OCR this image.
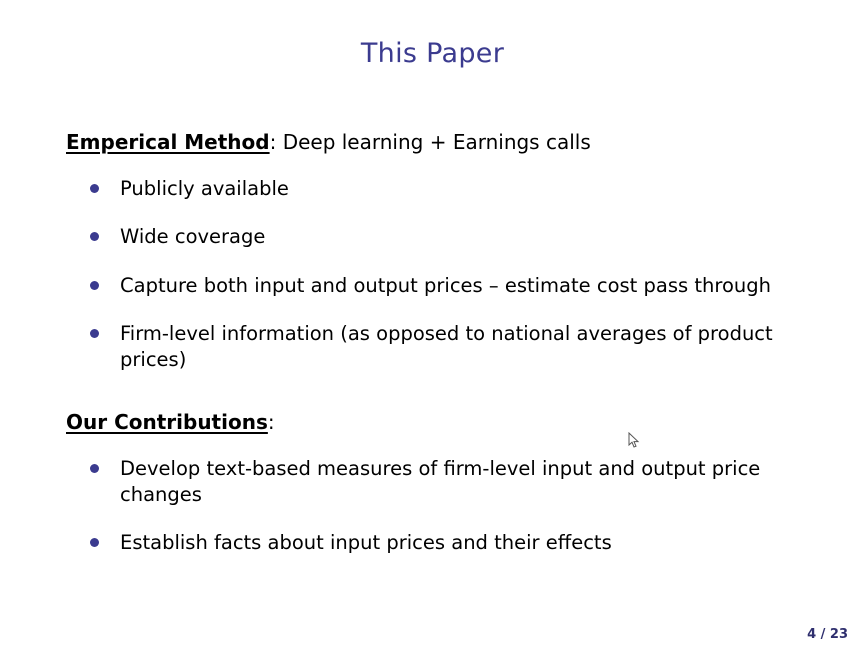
This Paper
Emperical Method: Deep learning + Earnings calls
Publicly available
Wide coverage
Capture both input and output prices – estimate cost pass through
Firm-level information (as opposed to national averages of product prices)
Our Contributions:
Develop text-based measures of firm-level input and output price changes
Establish facts about input prices and their effects
4 / 23
